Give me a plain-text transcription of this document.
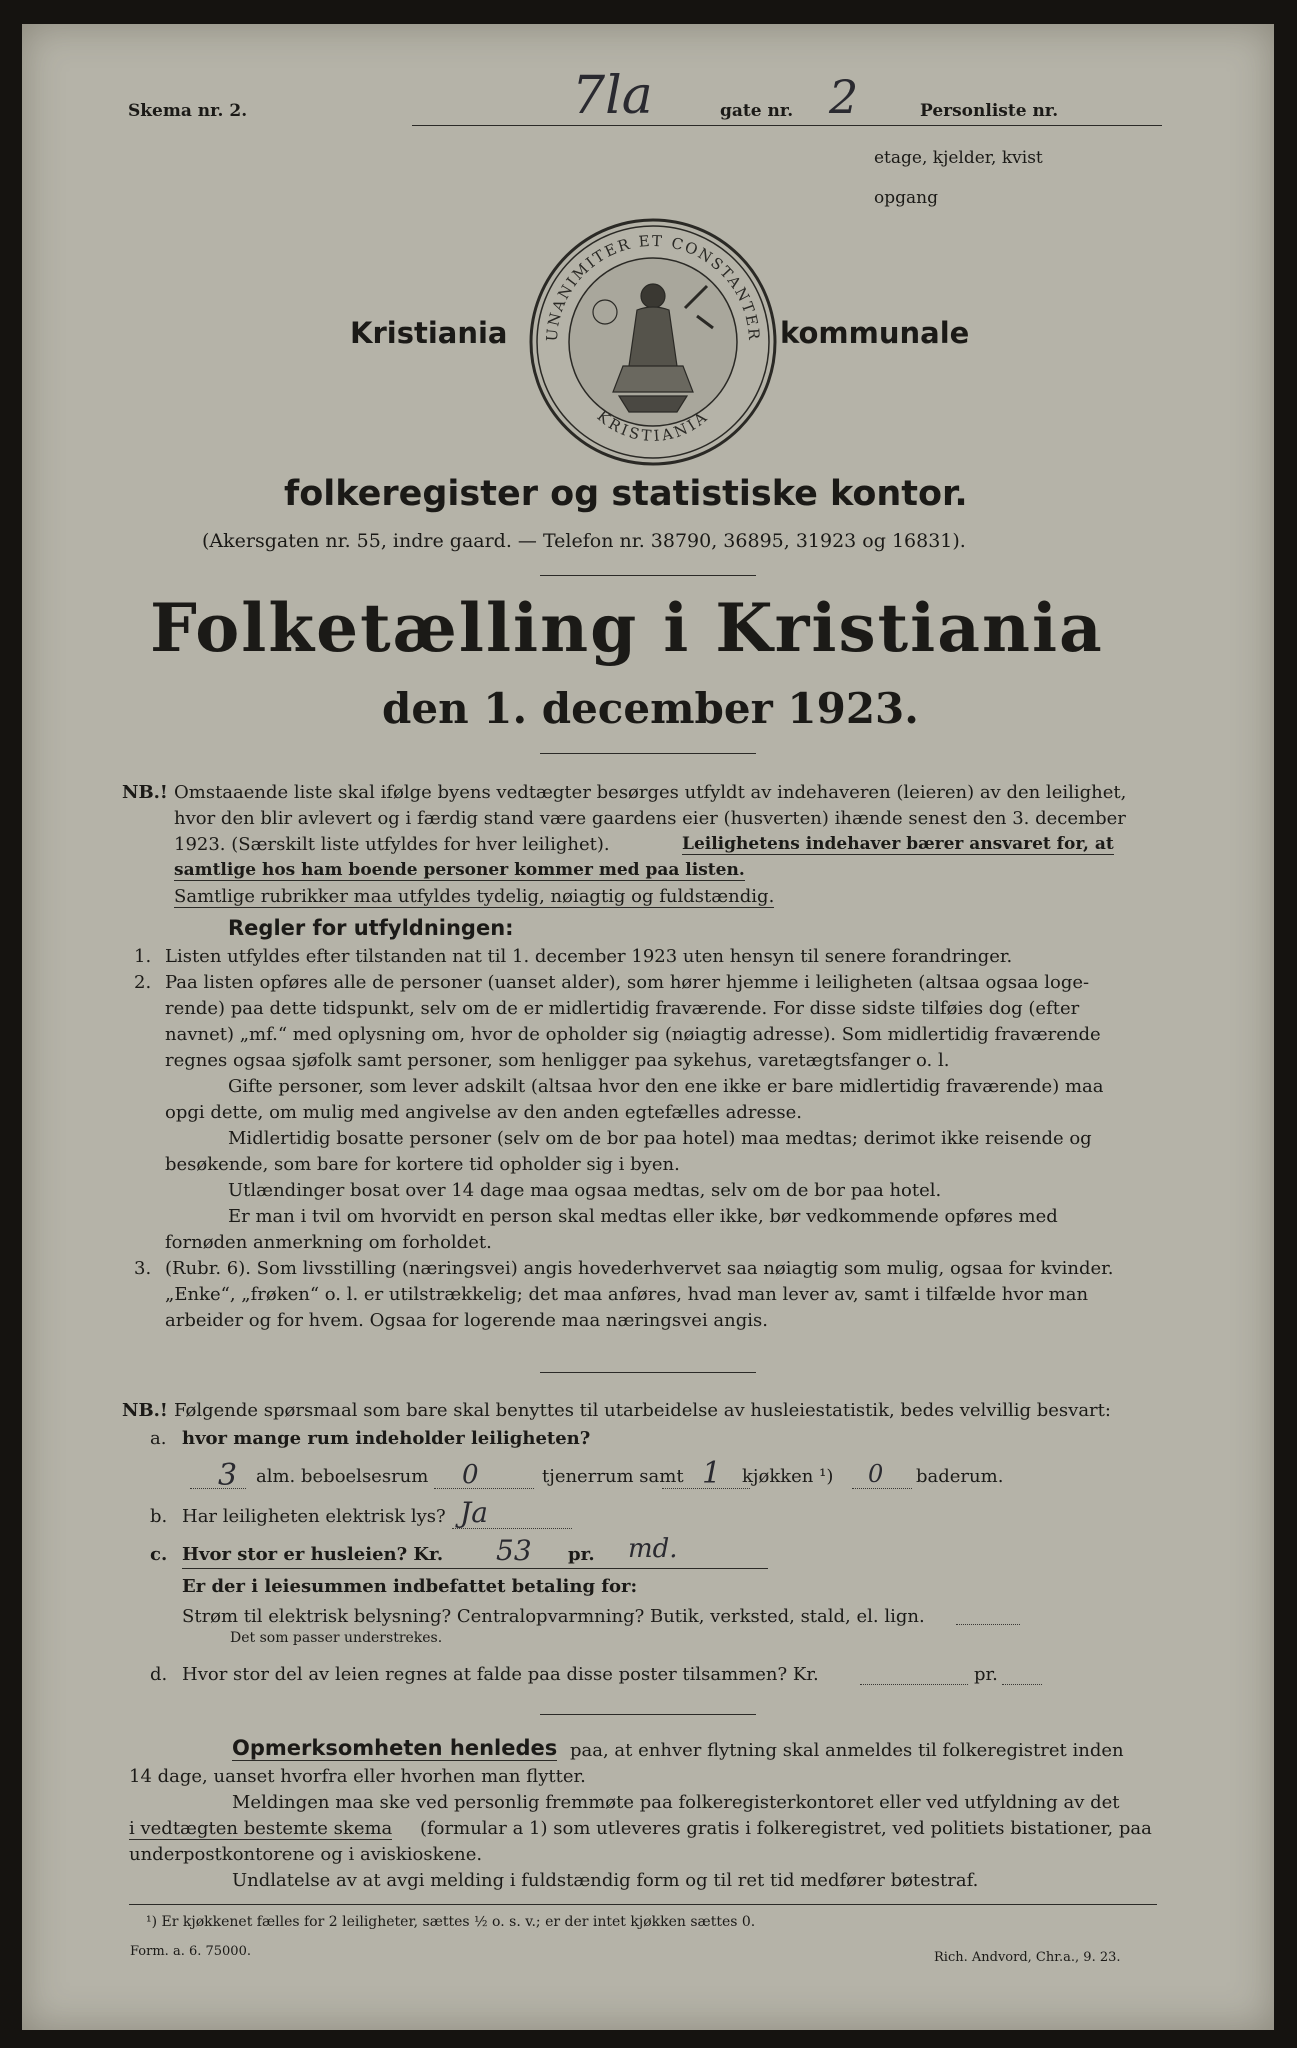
Skema nr. 2.	7la	gate nr. 2	Personliste nr.
etage, kjelder, kvist
opgang
Kristiania	kommunale
UNANIMITER ET CONSTANTER
KRISTIANIA
folkeregister og statistiske kontor.
(Akersgaten nr. 55, indre gaard. — Telefon nr. 38790, 36895, 31923 og 16831).
Folketælling i Kristiania
den 1. december 1923.
NB.! Omstaaende liste skal ifølge byens vedtægter besørges utfyldt av indehaveren (leieren) av den leilighet,
hvor den blir avlevert og i færdig stand være gaardens eier (husverten) ihænde senest den 3. december
1923. (Særskilt liste utfyldes for hver leilighet).	Leilighetens indehaver bærer ansvaret for, at
samtlige hos ham boende personer kommer med paa listen.
Samtlige rubrikker maa utfyldes tydelig, nøiagtig og fuldstændig.
Regler for utfyldningen:
1. Listen utfyldes efter tilstanden nat til 1. december 1923 uten hensyn til senere forandringer.
2. Paa listen opføres alle de personer (uanset alder), som hører hjemme i leiligheten (altsaa ogsaa loge-
rende) paa dette tidspunkt, selv om de er midlertidig fraværende. For disse sidste tilføies dog (efter
navnet) „mf.“ med oplysning om, hvor de opholder sig (nøiagtig adresse). Som midlertidig fraværende
regnes ogsaa sjøfolk samt personer, som henligger paa sykehus, varetægtsfanger o. l.
Gifte personer, som lever adskilt (altsaa hvor den ene ikke er bare midlertidig fraværende) maa
opgi dette, om mulig med angivelse av den anden egtefælles adresse.
Midlertidig bosatte personer (selv om de bor paa hotel) maa medtas; derimot ikke reisende og
besøkende, som bare for kortere tid opholder sig i byen.
Utlændinger bosat over 14 dage maa ogsaa medtas, selv om de bor paa hotel.
Er man i tvil om hvorvidt en person skal medtas eller ikke, bør vedkommende opføres med
fornøden anmerkning om forholdet.
3. (Rubr. 6). Som livsstilling (næringsvei) angis hovederhvervet saa nøiagtig som mulig, ogsaa for kvinder.
„Enke“, „frøken“ o. l. er utilstrækkelig; det maa anføres, hvad man lever av, samt i tilfælde hvor man
arbeider og for hvem. Ogsaa for logerende maa næringsvei angis.
NB.! Følgende spørsmaal som bare skal benyttes til utarbeidelse av husleiestatistik, bedes velvillig besvart:
a. hvor mange rum indeholder leiligheten?
3 alm. beboelsesrum 0	tjenerrum samt 1 kjøkken ¹) 0 baderum.
b. Har leiligheten elektrisk lys? Ja
c. Hvor stor er husleien? Kr. 53 pr. md.
Er der i leiesummen indbefattet betaling for:
Strøm til elektrisk belysning? Centralopvarmning? Butik, verksted, stald, el. lign.
Det som passer understrekes.
d. Hvor stor del av leien regnes at falde paa disse poster tilsammen? Kr.	pr.
Opmerksomheten henledes paa, at enhver flytning skal anmeldes til folkeregistret inden
14 dage, uanset hvorfra eller hvorhen man flytter.
Meldingen maa ske ved personlig fremmøte paa folkeregisterkontoret eller ved utfyldning av det
i vedtægten bestemte skema (formular a 1) som utleveres gratis i folkeregistret, ved politiets bistationer, paa
underpostkontorene og i aviskioskene.
Undlatelse av at avgi melding i fuldstændig form og til ret tid medfører bøtestraf.
¹) Er kjøkkenet fælles for 2 leiligheter, sættes ½ o. s. v.; er der intet kjøkken sættes 0.
Form. a. 6. 75000.	Rich. Andvord, Chr.a., 9. 23.
